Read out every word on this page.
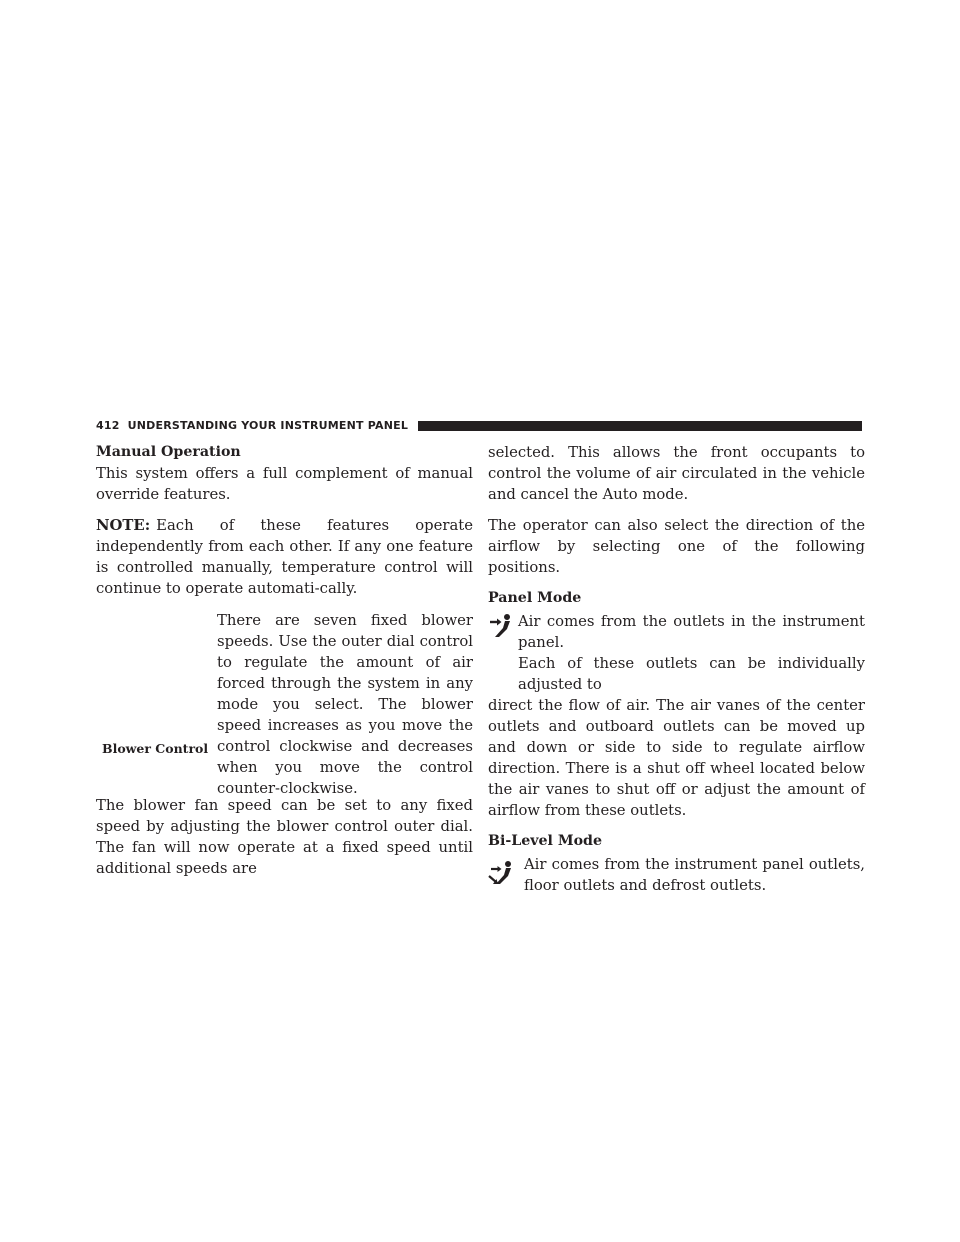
412 UNDERSTANDING YOUR INSTRUMENT PANEL
Manual Operation

This system offers a full complement of manual override features.

NOTE: Each of these features operate independently from each other. If any one feature is controlled manually, temperature control will continue to operate automati-cally.

Blower Control
There are seven fixed blower speeds. Use the outer dial control to regulate the amount of air forced through the system in any mode you select. The blower speed increases as you move the control clockwise and decreases when you move the control counter-clockwise.

The blower fan speed can be set to any fixed speed by adjusting the blower control outer dial. The fan will now operate at a fixed speed until additional speeds are

selected. This allows the front occupants to control the volume of air circulated in the vehicle and cancel the Auto mode.

The operator can also select the direction of the airflow by selecting one of the following positions.

Panel Mode

Air comes from the outlets in the instrument panel.

Each of these outlets can be individually adjusted to

direct the flow of air. The air vanes of the center outlets and outboard outlets can be moved up and down or side to side to regulate airflow direction. There is a shut off wheel located below the air vanes to shut off or adjust the amount of airflow from these outlets.

Bi-Level Mode

Air comes from the instrument panel outlets, floor outlets and defrost outlets.
